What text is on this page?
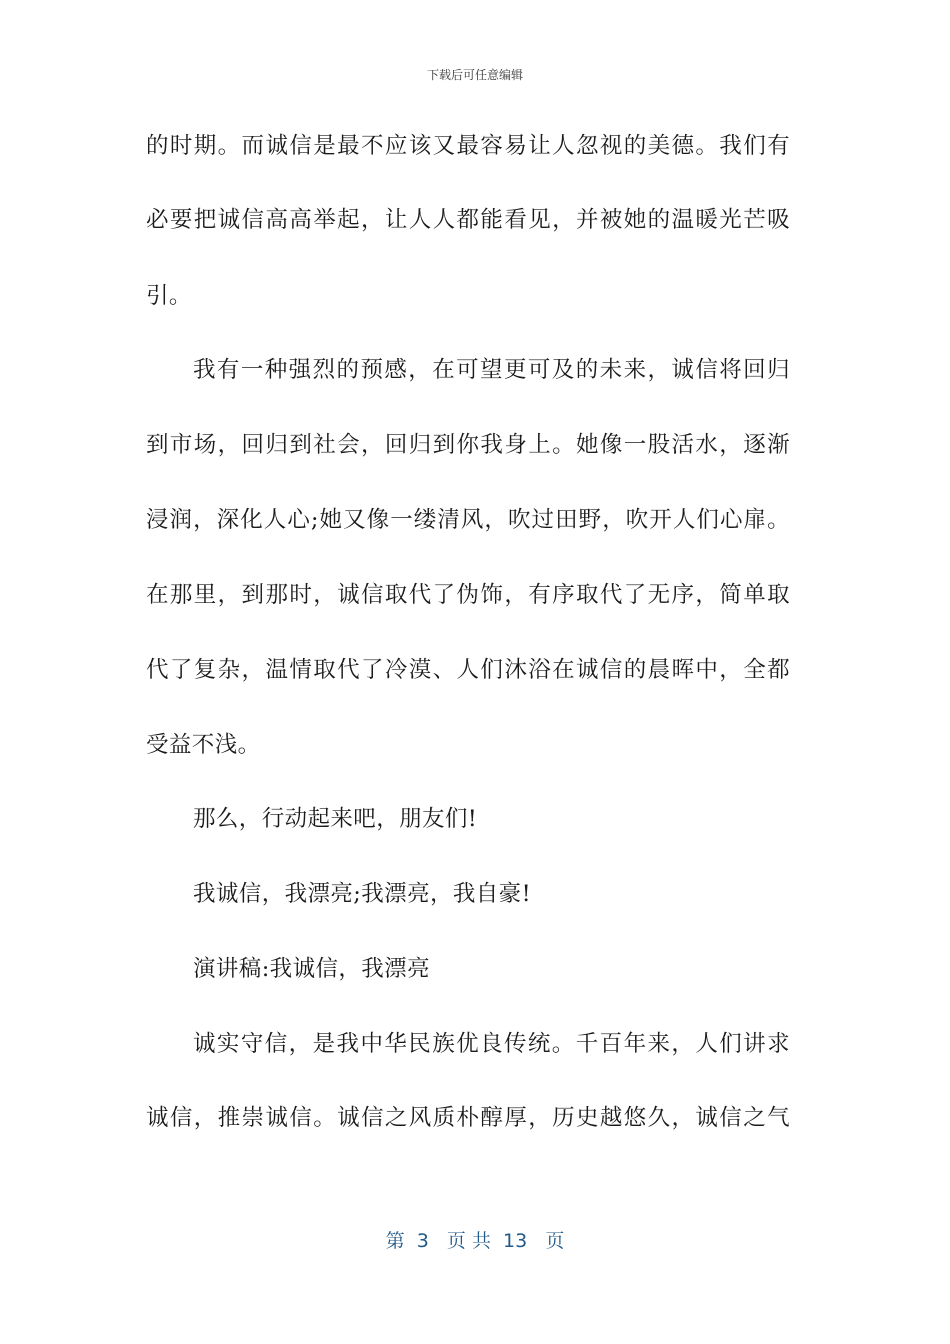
下载后可任意编辑
的时期。而诚信是最不应该又最容易让人忽视的美德。我们有
必要把诚信高高举起，让人人都能看见，并被她的温暖光芒吸
引。
我有一种强烈的预感，在可望更可及的未来，诚信将回归
到市场，回归到社会，回归到你我身上。她像一股活水，逐渐
浸润，深化人心;她又像一缕清风，吹过田野，吹开人们心扉。
在那里，到那时，诚信取代了伪饰，有序取代了无序，简单取
代了复杂，温情取代了冷漠、人们沐浴在诚信的晨晖中，全都
受益不浅。
那么，行动起来吧，朋友们!
我诚信，我漂亮;我漂亮，我自豪!
演讲稿:我诚信，我漂亮
诚实守信，是我中华民族优良传统。千百年来，人们讲求
诚信，推崇诚信。诚信之风质朴醇厚，历史越悠久，诚信之气
第  3   页 共  13   页
